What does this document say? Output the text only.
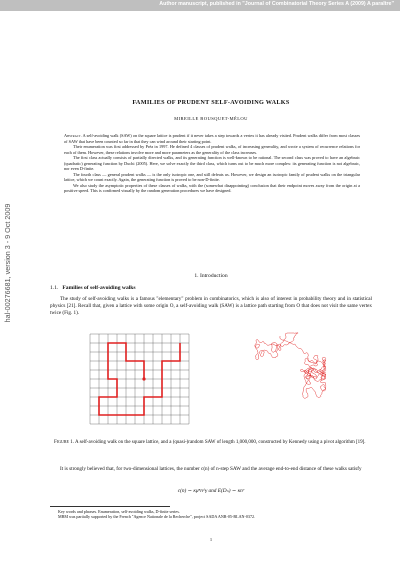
Author manuscript, published in "Journal of Combinatorial Theory Series A (2009) A paraître"
hal-00276681, version 3 - 9 Oct 2009
FAMILIES OF PRUDENT SELF-AVOIDING WALKS
MIREILLE BOUSQUET-MÉLOU

Abstract. A self-avoiding walk (SAW) on the square lattice is prudent if it never takes a step towards a vertex it has already visited. Prudent walks differ from most classes of SAW that have been counted so far in that they can wind around their starting point.

Their enumeration was first addressed by Préa in 1997. He defined 4 classes of prudent walks, of increasing generality, and wrote a system of recurrence relations for each of them. However, these relations involve more and more parameters as the generality of the class increases.

The first class actually consists of partially directed walks, and its generating function is well-known to be rational. The second class was proved to have an algebraic (quadratic) generating function by Duchi (2005). Here, we solve exactly the third class, which turns out to be much more complex: its generating function is not algebraic, nor even D-finite.

The fourth class — general prudent walks — is the only isotropic one, and still defeats us. However, we design an isotropic family of prudent walks on the triangular lattice, which we count exactly. Again, the generating function is proved to be non-D-finite.

We also study the asymptotic properties of these classes of walks, with the (somewhat disappointing) conclusion that their endpoint moves away from the origin at a positive speed. This is confirmed visually by the random generation procedures we have designed.

1. Introduction
1.1. Families of self-avoiding walks

The study of self-avoiding walks is a famous "elementary" problem in combinatorics, which is also of interest in probability theory and in statistical physics [21]. Recall that, given a lattice with some origin O, a self-avoiding walk (SAW) is a lattice path starting from O that does not visit the same vertex twice (Fig. 1).

Figure 1. A self-avoiding walk on the square lattice, and a (quasi-)random SAW of length 1,000,000, constructed by Kennedy using a pivot algorithm [19].

It is strongly believed that, for two-dimensional lattices, the number c(n) of n-step SAW and the average end-to-end distance of these walks satisfy

c(n) ∼ κμⁿn^γ and E(Dₙ) ∼ κnᵛ

Key words and phrases. Enumeration, self-avoiding walks, D-finite series.

MBM was partially supported by the French "Agence Nationale de la Recherche", project SADA ANR-05-BLAN-0372.

1
